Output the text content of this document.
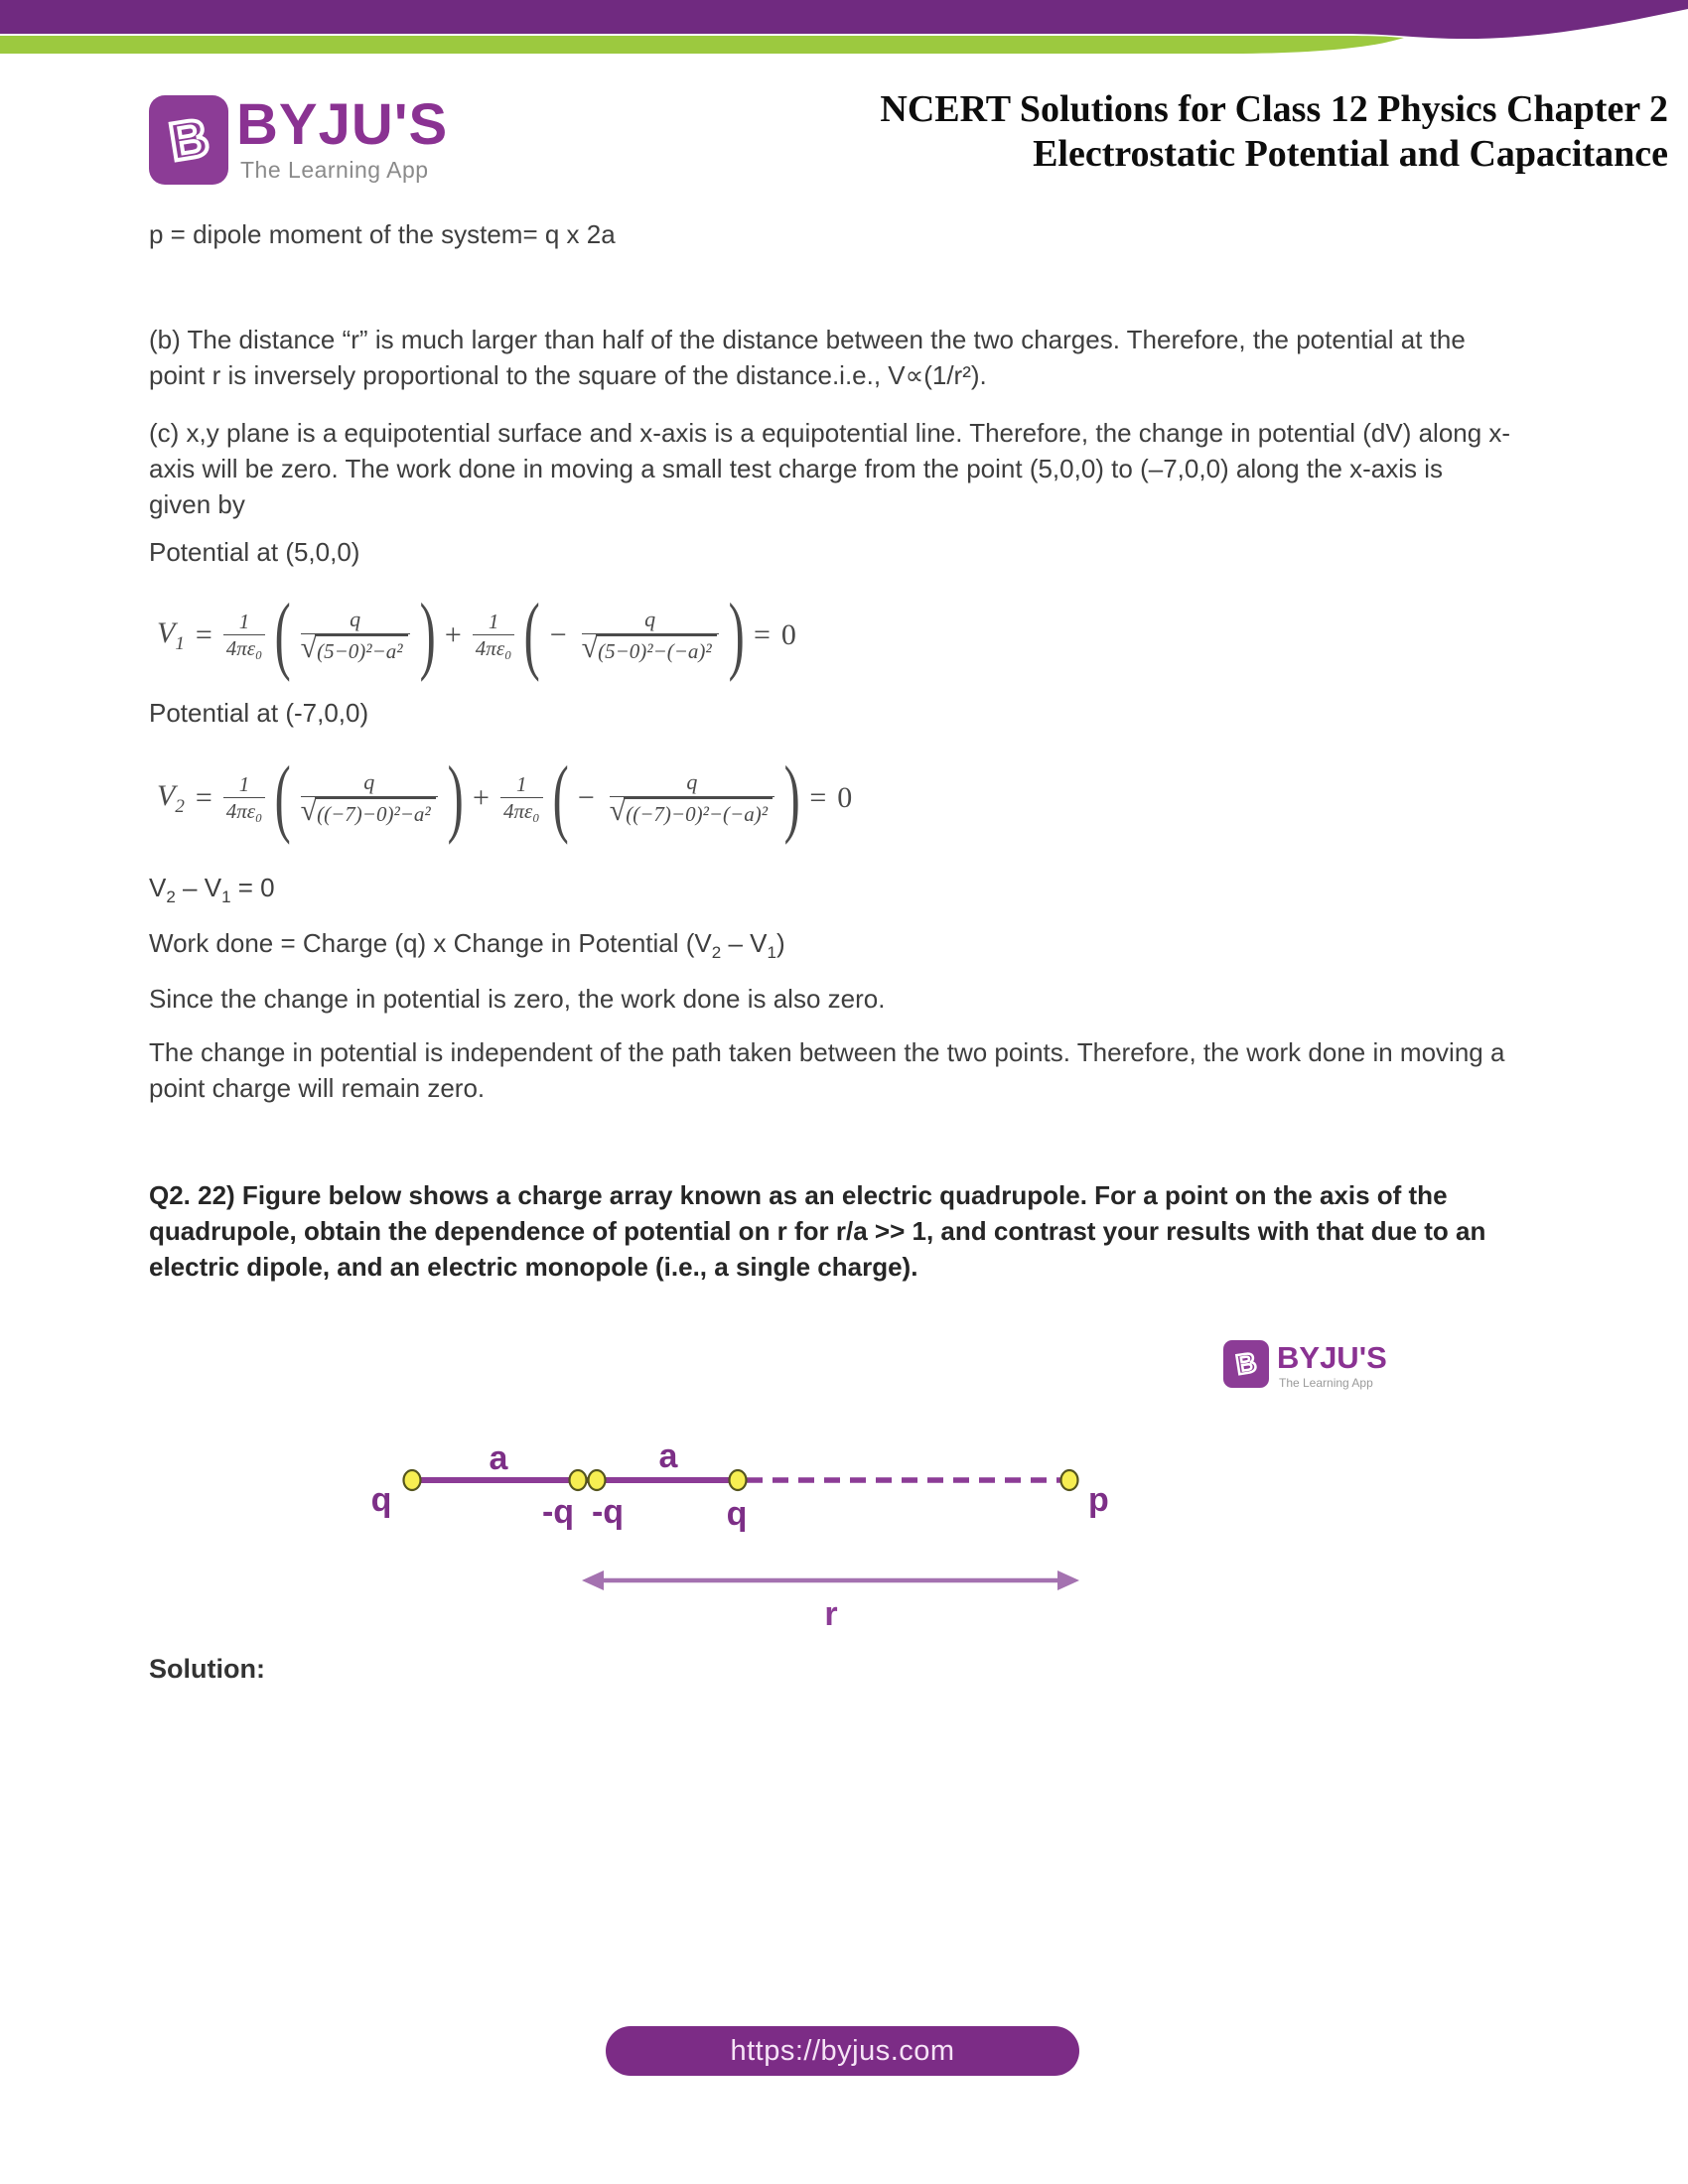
B BYJU'S
The Learning App
NCERT Solutions for Class 12 Physics Chapter 2
Electrostatic Potential and Capacitance

p = dipole moment of the system= q x 2a

(b) The distance “r” is much larger than half of the distance between the two charges. Therefore, the potential at the point r is inversely proportional to the square of the distance.i.e., V∝(1/r²).

(c) x,y plane is a equipotential surface and x-axis is a equipotential line. Therefore, the change in potential (dV) along x-axis will be zero. The work done in moving a small test charge from the point (5,0,0) to (–7,0,0) along the x-axis is given by

Potential at (5,0,0)

$V_1 = \frac{1}{\text{4πε₀}}$ ( $\frac{q}{\text{√ (5−0)²−a²}}$ ) + $\frac{1}{\text{4πε₀}}$ ( − $\frac{q}{\text{√ (5−0)²−(−a)²}}$ ) = 0

Potential at (-7,0,0)

$V_2 = \frac{1}{\text{4πε₀}}$ ( $\frac{q}{\text{√ ((−7)−0)²−a²}}$ ) + $\frac{1}{\text{4πε₀}}$ ( − $\frac{q}{\text{√ ((−7)−0)²−(−a)²}}$ ) = 0

$V_2 - V_1 = 0$

Work done = Charge (q) x Change in Potential $(V_2 - V_1)$

Since the change in potential is zero, the work done is also zero.

The change in potential is independent of the path taken between the two points. Therefore, the work done in moving a point charge will remain zero.

Q2. 22) Figure below shows a charge array known as an electric quadrupole. For a point on the axis of the quadrupole, obtain the dependence of potential on r for r/a >> 1, and contrast your results with that due to an electric dipole, and an electric monopole (i.e., a single charge).

B BYJU'S
The Learning App
q
a	a
-q -q	q	p
r
Solution:
https://byjus.com
